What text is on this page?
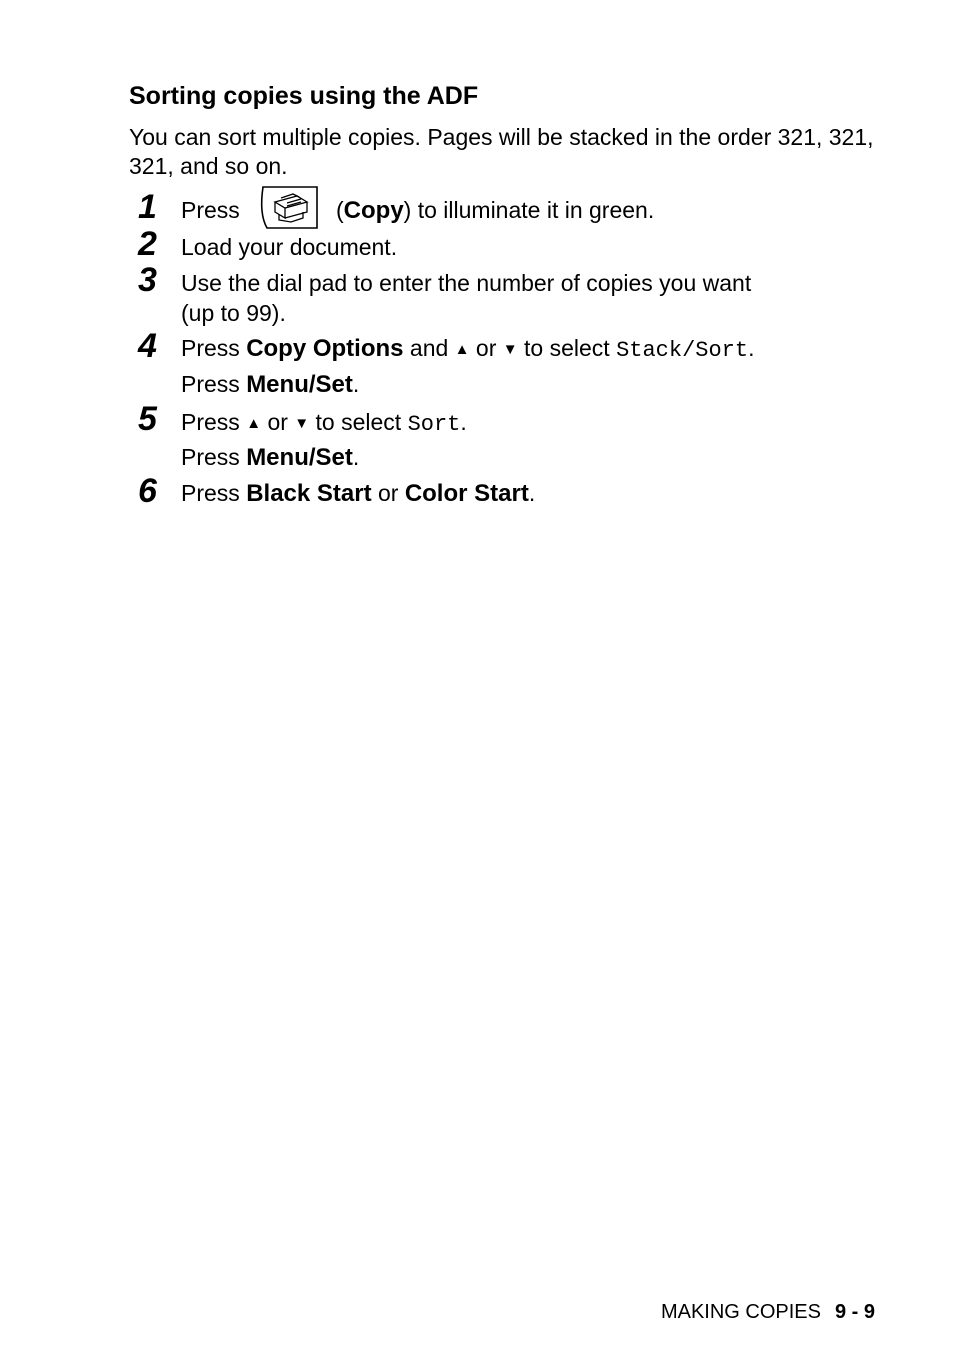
Sorting copies using the ADF
You can sort multiple copies. Pages will be stacked in the order 321, 321, 321, and so on.
1 Press	(Copy) to illuminate it in green.
2 Load your document.
3 Use the dial pad to enter the number of copies you want
(up to 99).
4 Press Copy Options and ▲ or ▼ to select Stack/Sort.
Press Menu/Set.
5 Press ▲ or ▼ to select Sort.
Press Menu/Set.
6 Press Black Start or Color Start.
MAKING COPIES 9 - 9
